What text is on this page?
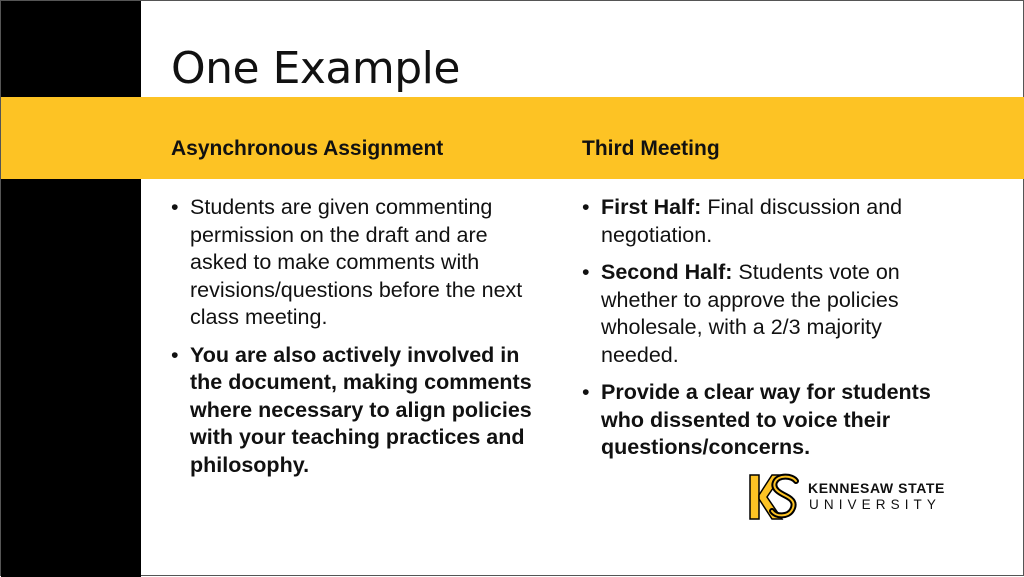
One Example
Asynchronous Assignment	Third Meeting
• Students are given commenting permission on the draft and are asked to make comments with revisions/questions before the next class meeting.
• You are also actively involved in the document, making comments where necessary to align policies with your teaching practices and philosophy.
• First Half: Final discussion and negotiation.
• Second Half: Students vote on whether to approve the policies wholesale, with a 2/3 majority needed.
• Provide a clear way for students who dissented to voice their questions/concerns.
KENNESAW STATE
UNIVERSITY
